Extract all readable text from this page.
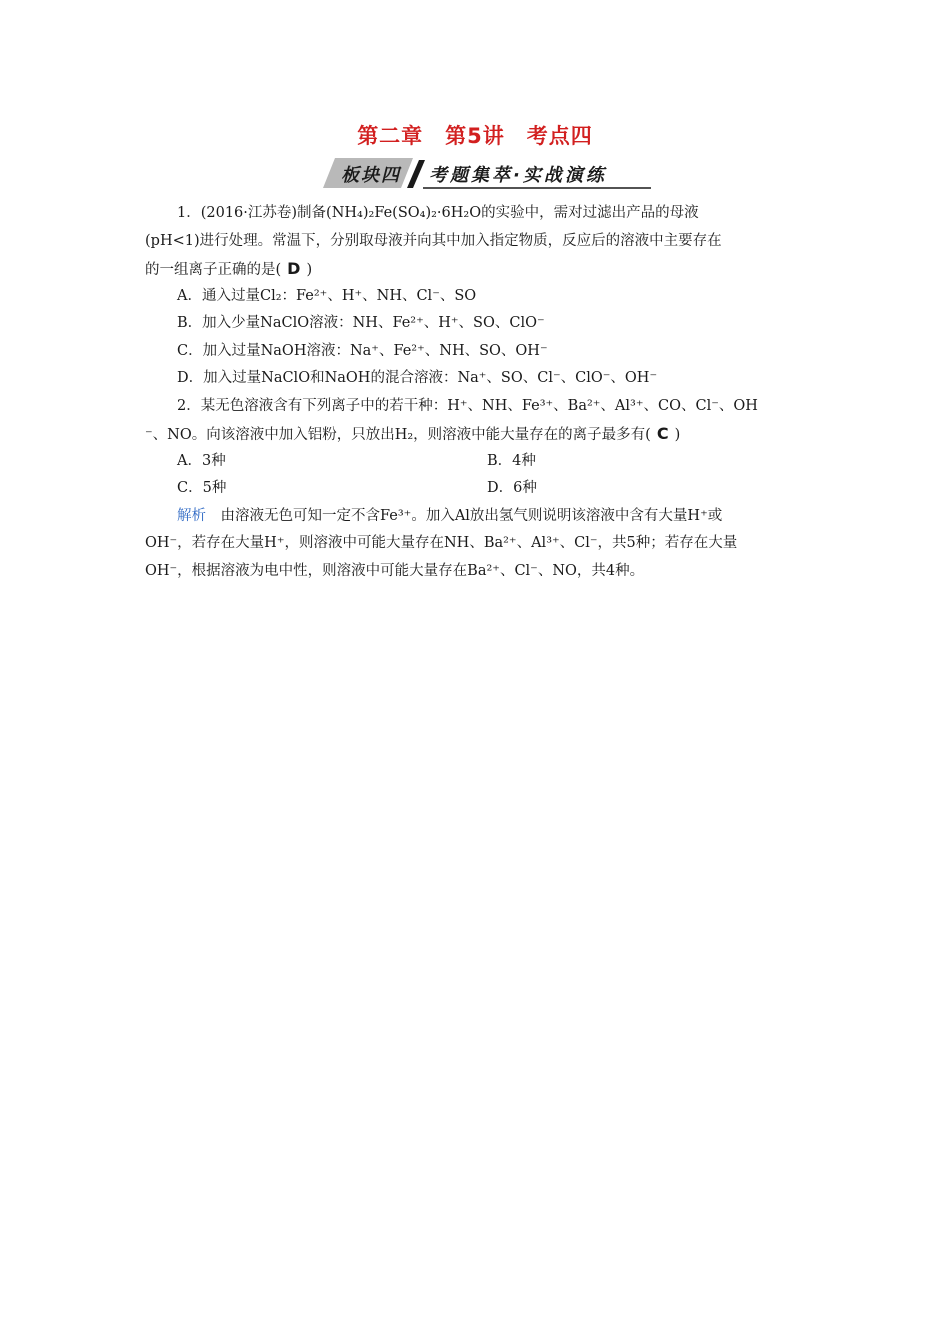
第二章　第5讲　考点四
板块四 考题集萃·实战演练
1．(2016·江苏卷)制备(NH₄)₂Fe(SO₄)₂·6H₂O的实验中，需对过滤出产品的母液
(pH<1)进行处理。常温下，分别取母液并向其中加入指定物质，反应后的溶液中主要存在
的一组离子正确的是( D )
A．通入过量Cl₂：Fe²⁺、H⁺、NH、Cl⁻、SO
B．加入少量NaClO溶液：NH、Fe²⁺、H⁺、SO、ClO⁻
C．加入过量NaOH溶液：Na⁺、Fe²⁺、NH、SO、OH⁻
D．加入过量NaClO和NaOH的混合溶液：Na⁺、SO、Cl⁻、ClO⁻、OH⁻
2．某无色溶液含有下列离子中的若干种：H⁺、NH、Fe³⁺、Ba²⁺、Al³⁺、CO、Cl⁻、OH
⁻、NO。向该溶液中加入铝粉，只放出H₂，则溶液中能大量存在的离子最多有( C )
A．3种	B．4种
C．5种	D．6种
解析　由溶液无色可知一定不含Fe³⁺。加入Al放出氢气则说明该溶液中含有大量H⁺或
OH⁻，若存在大量H⁺，则溶液中可能大量存在NH、Ba²⁺、Al³⁺、Cl⁻，共5种；若存在大量
OH⁻，根据溶液为电中性，则溶液中可能大量存在Ba²⁺、Cl⁻、NO，共4种。
